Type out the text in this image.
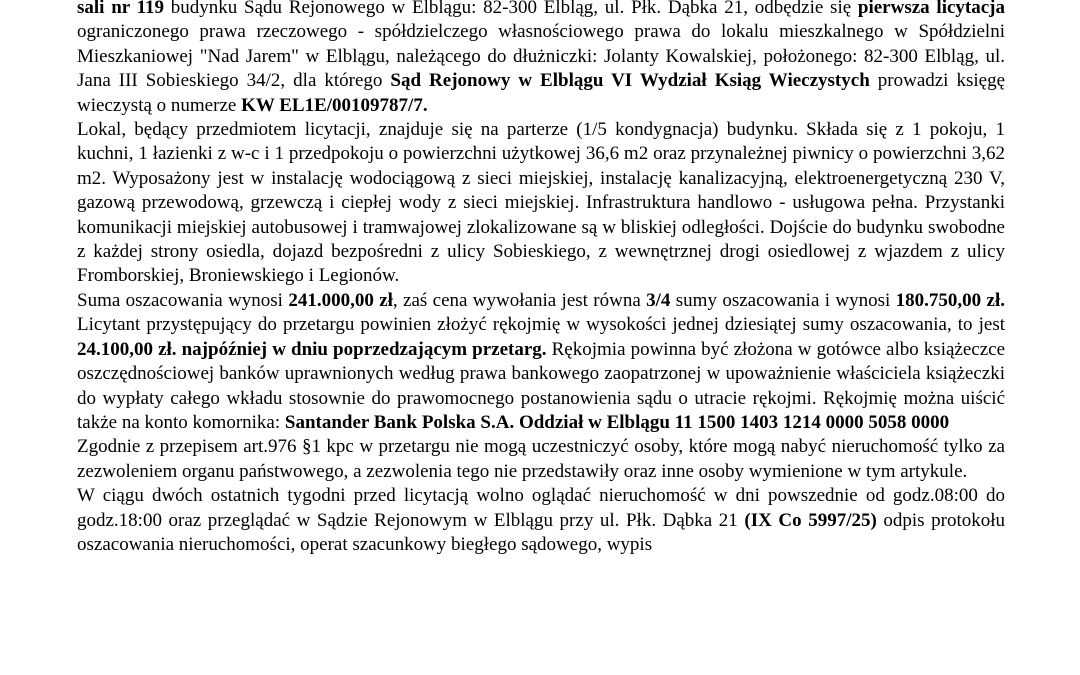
sali nr 119 budynku Sądu Rejonowego w Elblągu: 82-300 Elbląg, ul. Płk. Dąbka 21, odbędzie się pierwsza licytacja ograniczonego prawa rzeczowego - spółdzielczego własnościowego prawa do lokalu mieszkalnego w Spółdzielni Mieszkaniowej "Nad Jarem" w Elblągu, należącego do dłużniczki: Jolanty Kowalskiej, położonego: 82-300 Elbląg, ul. Jana III Sobieskiego 34/2, dla którego Sąd Rejonowy w Elblągu VI Wydział Ksiąg Wieczystych prowadzi księgę wieczystą o numerze KW EL1E/00109787/7.

Lokal, będący przedmiotem licytacji, znajduje się na parterze (1/5 kondygnacja) budynku. Składa się z 1 pokoju, 1 kuchni, 1 łazienki z w-c i 1 przedpokoju o powierzchni użytkowej 36,6 m2 oraz przynależnej piwnicy o powierzchni 3,62 m2. Wyposażony jest w instalację wodociągową z sieci miejskiej, instalację kanalizacyjną, elektroenergetyczną 230 V, gazową przewodową, grzewczą i ciepłej wody z sieci miejskiej. Infrastruktura handlowo - usługowa pełna. Przystanki komunikacji miejskiej autobusowej i tramwajowej zlokalizowane są w bliskiej odległości. Dojście do budynku swobodne z każdej strony osiedla, dojazd bezpośredni z ulicy Sobieskiego, z wewnętrznej drogi osiedlowej z wjazdem z ulicy Fromborskiej, Broniewskiego i Legionów.

Suma oszacowania wynosi 241.000,00 zł, zaś cena wywołania jest równa 3/4 sumy oszacowania i wynosi 180.750,00 zł. Licytant przystępujący do przetargu powinien złożyć rękojmię w wysokości jednej dziesiątej sumy oszacowania, to jest 24.100,00 zł. najpóźniej w dniu poprzedzającym przetarg. Rękojmia powinna być złożona w gotówce albo książeczce oszczędnościowej banków uprawnionych według prawa bankowego zaopatrzonej w upoważnienie właściciela książeczki do wypłaty całego wkładu stosownie do prawomocnego postanowienia sądu o utracie rękojmi. Rękojmię można uiścić także na konto komornika: Santander Bank Polska S.A. Oddział w Elblągu 11 1500 1403 1214 0000 5058 0000

Zgodnie z przepisem art.976 §1 kpc w przetargu nie mogą uczestniczyć osoby, które mogą nabyć nieruchomość tylko za zezwoleniem organu państwowego, a zezwolenia tego nie przedstawiły oraz inne osoby wymienione w tym artykule.

W ciągu dwóch ostatnich tygodni przed licytacją wolno oglądać nieruchomość w dni powszednie od godz.08:00 do godz.18:00 oraz przeglądać w Sądzie Rejonowym w Elblągu przy ul. Płk. Dąbka 21 (IX Co 5997/25) odpis protokołu oszacowania nieruchomości, operat szacunkowy biegłego sądowego, wypis
